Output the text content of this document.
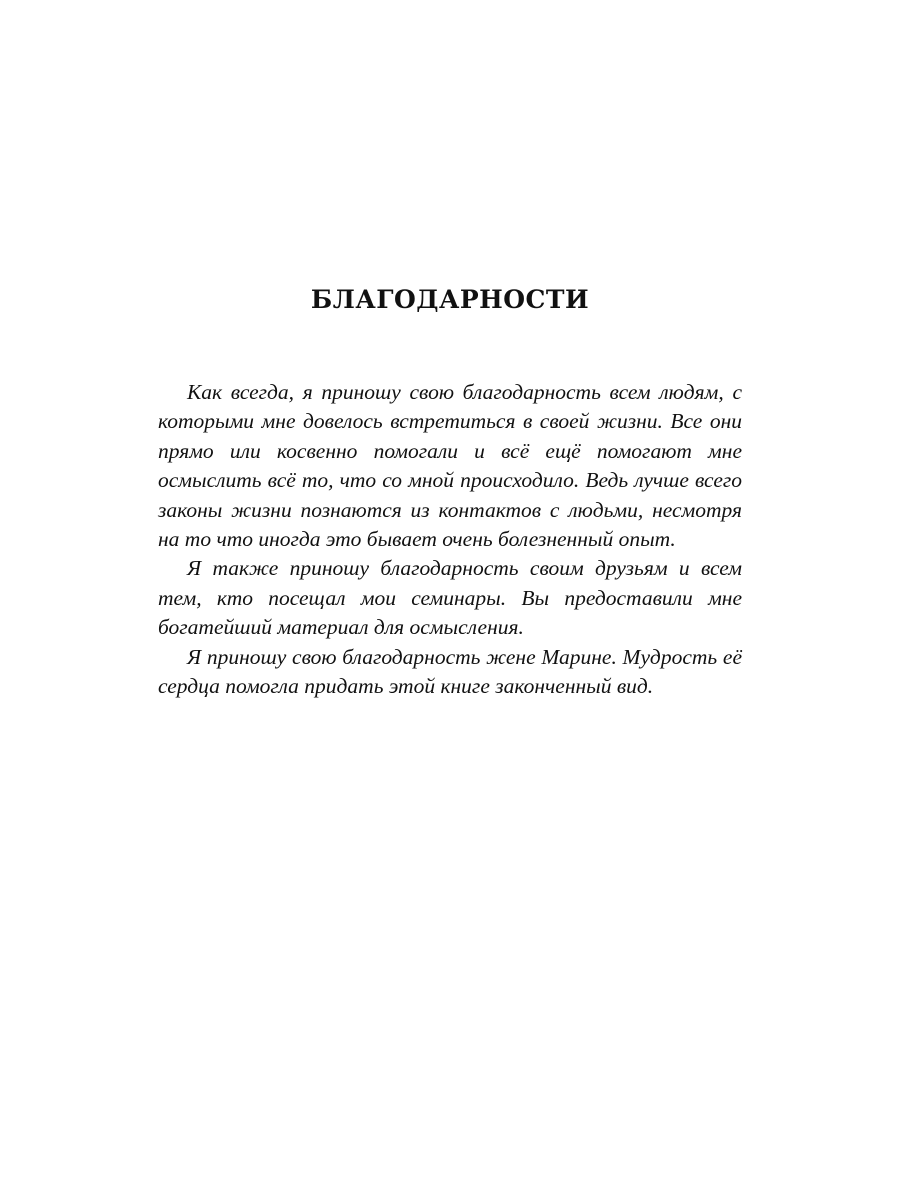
БЛАГОДАРНОСТИ

Как всегда, я приношу свою благодарность всем людям, с которыми мне довелось встретиться в своей жизни. Все они прямо или косвенно помогали и всё ещё помогают мне осмыслить всё то, что со мной происходило. Ведь лучше всего законы жизни познаются из контактов с людьми, несмотря на то что иногда это бывает очень болезненный опыт.

Я также приношу благодарность своим друзьям и всем тем, кто посещал мои семинары. Вы предоставили мне богатейший материал для осмысления.

Я приношу свою благодарность жене Марине. Мудрость её сердца помогла придать этой книге законченный вид.
